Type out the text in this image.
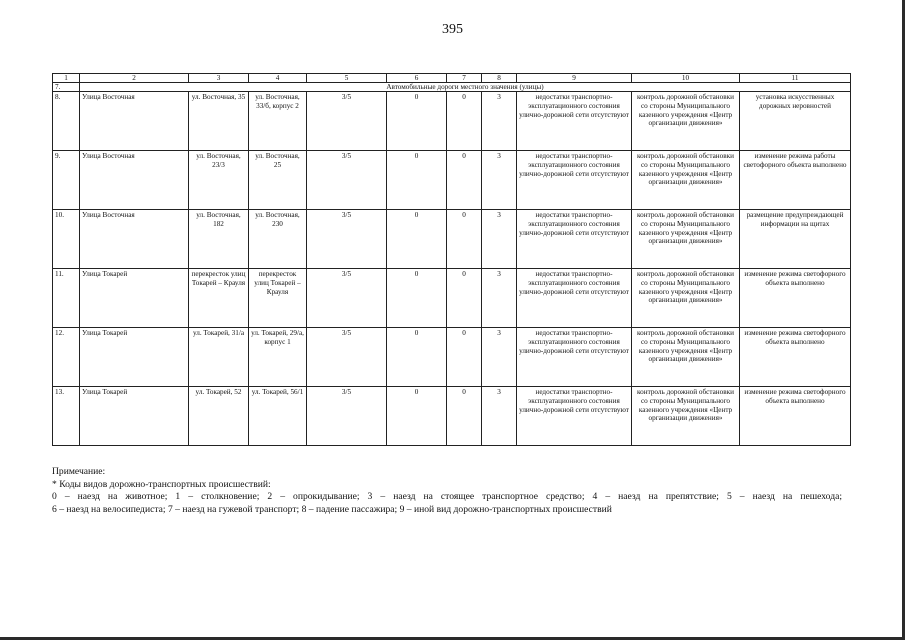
395
1	2	3	4	5	6	7	8	9	10	11
7.	Автомобильные дороги местного значения (улицы)									
8.	Улица Восточная	ул. Восточная, 35	ул. Восточная, 33/б, корпус 2	3/5	0	0	3	недостатки транспортно-эксплуатационного состояния улично-дорожной сети отсутствуют	контроль дорожной обстановки со стороны Муниципального казенного учреждения «Центр организации движения»	установка искусственных дорожных неровностей
9.	Улица Восточная	ул. Восточная, 23/3	ул. Восточная, 25	3/5	0	0	3	недостатки транспортно-эксплуатационного состояния улично-дорожной сети отсутствуют	контроль дорожной обстановки со стороны Муниципального казенного учреждения «Центр организации движения»	изменение режима работы светофорного объекта выполнено
10.	Улица Восточная	ул. Восточная, 182	ул. Восточная, 230	3/5	0	0	3	недостатки транспортно-эксплуатационного состояния улично-дорожной сети отсутствуют	контроль дорожной обстановки со стороны Муниципального казенного учреждения «Центр организации движения»	размещение предупреждающей информации на щитах
11.	Улица Токарей	перекресток улиц Токарей – Крауля	перекресток улиц Токарей – Крауля	3/5	0	0	3	недостатки транспортно-эксплуатационного состояния улично-дорожной сети отсутствуют	контроль дорожной обстановки со стороны Муниципального казенного учреждения «Центр организации движения»	изменение режима светофорного объекта выполнено
12.	Улица Токарей	ул. Токарей, 31/а	ул. Токарей, 29/а, корпус 1	3/5	0	0	3	недостатки транспортно-эксплуатационного состояния улично-дорожной сети отсутствуют	контроль дорожной обстановки со стороны Муниципального казенного учреждения «Центр организации движения»	изменение режима светофорного объекта выполнено
13.	Улица Токарей	ул. Токарей, 52	ул. Токарей, 56/1	3/5	0	0	3	недостатки транспортно-эксплуатационного состояния улично-дорожной сети отсутствуют	контроль дорожной обстановки со стороны Муниципального казенного учреждения «Центр организации движения»	изменение режима светофорного объекта выполнено

Примечание:

* Коды видов дорожно-транспортных происшествий:

0 – наезд на животное; 1 – столкновение; 2 – опрокидывание; 3 – наезд на стоящее транспортное средство; 4 – наезд на препятствие; 5 – наезд на пешехода;

6 – наезд на велосипедиста; 7 – наезд на гужевой транспорт; 8 – падение пассажира; 9 – иной вид дорожно-транспортных происшествий
